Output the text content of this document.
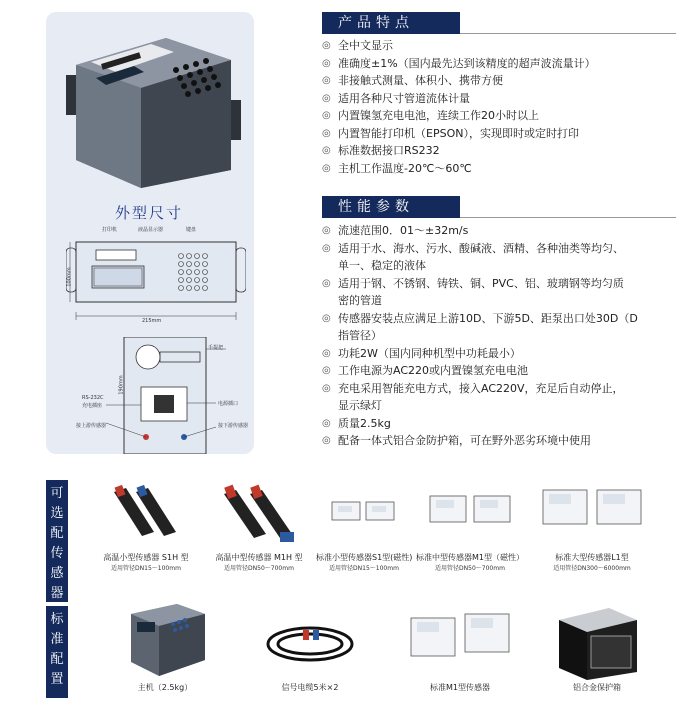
外型尺寸
打印机	液晶显示器	键盘
215mm
100mm
手提把
190mm
RS-232C
充电插座
接上游传感器
电源插口
接下游传感器
产品特点
◎ 全中文显示
◎ 准确度±1%（国内最先达到该精度的超声波流量计）
◎ 非接触式测量、体积小、携带方便
◎ 适用各种尺寸管道流体计量
◎ 内置镍氢充电电池，连续工作20小时以上
◎ 内置智能打印机（EPSON），实现即时或定时打印
◎ 标准数据接口RS232
◎ 主机工作温度-20℃～60℃
性能参数
◎ 流速范围0．01～±32m/s
◎ 适用于水、海水、污水、酸碱液、酒精、各种油类等均匀、
单一、稳定的液体
◎ 适用于钢、不锈钢、铸铁、铜、PVC、铝、玻璃钢等均匀质
密的管道
◎ 传感器安装点应满足上游10D、下游5D、距泵出口处30D（D
指管径）
◎ 功耗2W（国内同种机型中功耗最小）
◎ 工作电源为AC220或内置镍氢充电电池
◎ 充电采用智能充电方式，接入AC220V，充足后自动停止，
显示绿灯
◎ 质量2.5kg
◎ 配备一体式铝合金防护箱，可在野外恶劣环境中使用
可
选
配
传
感
器
高温小型传感器 S1H 型
适用管径DN15～100mm
高温中型传感器 M1H 型
适用管径DN50～700mm
标准小型传感器S1型(磁性)
适用管径DN15～100mm
标准中型传感器M1型（磁性）
适用管径DN50～700mm
标准大型传感器L1型
适用管径DN300～6000mm
标
准
配
置
主机（2.5kg）	信号电缆5米×2	标准M1型传感器	铝合金保护箱
